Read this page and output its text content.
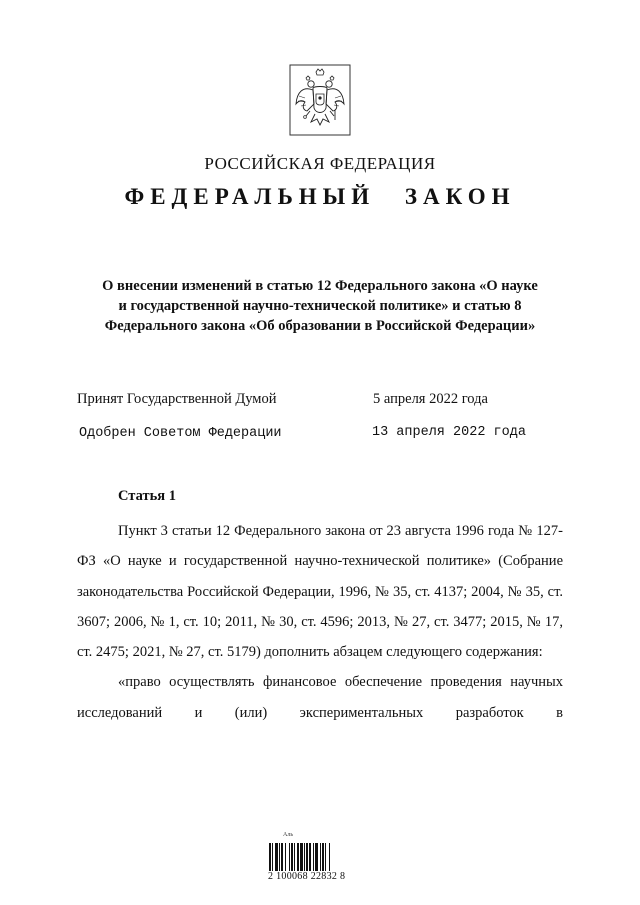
РОССИЙСКАЯ ФЕДЕРАЦИЯ
ФЕДЕРАЛЬНЫЙ ЗАКОН
О внесении изменений в статью 12 Федерального закона «О науке
и государственной научно-технической политике» и статью 8
Федерального закона «Об образовании в Российской Федерации»
Принят Государственной Думой	5 апреля 2022 года
Одобрен Советом Федерации	13 апреля 2022 года
Статья 1

Пункт 3 статьи 12 Федерального закона от 23 августа 1996 года № 127-ФЗ «О науке и государственной научно-технической политике» (Собрание законодательства Российской Федерации, 1996, № 35, ст. 4137; 2004, № 35, ст. 3607; 2006, № 1, ст. 10; 2011, № 30, ст. 4596; 2013, № 27, ст. 3477; 2015, № 17, ст. 2475; 2021, № 27, ст. 5179) дополнить абзацем следующего содержания:

«право осуществлять финансовое обеспечение проведения научных исследований и (или) экспериментальных разработок в

Аль
2 100068 22832 8
